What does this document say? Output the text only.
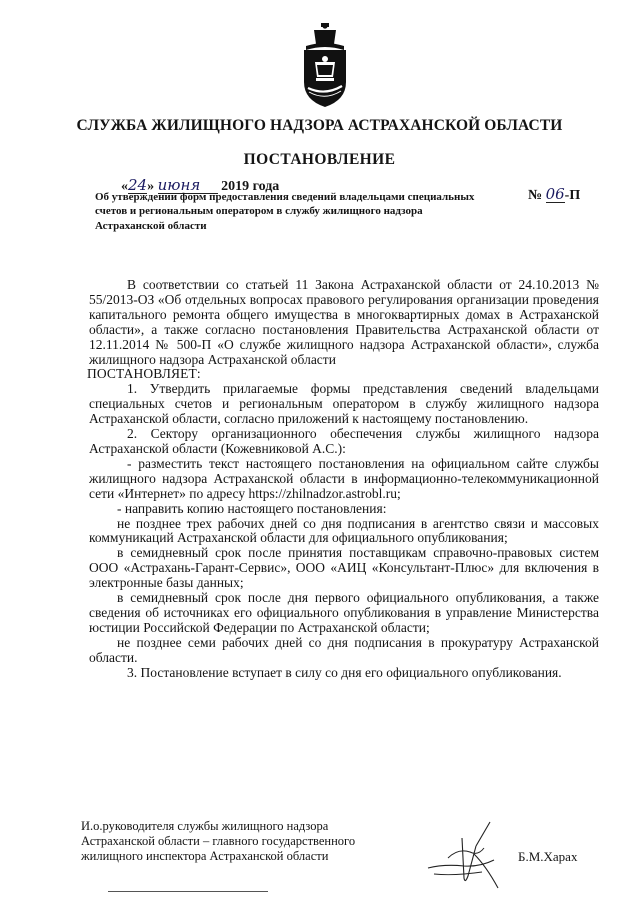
СЛУЖБА ЖИЛИЩНОГО НАДЗОРА АСТРАХАНСКОЙ ОБЛАСТИ
ПОСТАНОВЛЕНИЕ
«24» июня 2019 года
№ 06-П

Об утверждении форм предоставления сведений владельцами специальных счетов и региональным оператором в службу жилищного надзора Астраханской области

В соответствии со статьей 11 Закона Астраханской области от 24.10.2013 № 55/2013-ОЗ «Об отдельных вопросах правового регулирования организации проведения капитального ремонта общего имущества в многоквартирных домах в Астраханской области», а также согласно постановления Правительства Астраханской области от 12.11.2014 № 500-П «О службе жилищного надзора Астраханской области», служба жилищного надзора Астраханской области

ПОСТАНОВЛЯЕТ:

1. Утвердить прилагаемые формы представления сведений владельцами специальных счетов и региональным оператором в службу жилищного надзора Астраханской области, согласно приложений к настоящему постановлению.

2. Сектору организационного обеспечения службы жилищного надзора Астраханской области (Кожевниковой А.С.):

- разместить текст настоящего постановления на официальном сайте службы жилищного надзора Астраханской области в информационно-телекоммуникационной сети «Интернет» по адресу https://zhilnadzor.astrobl.ru;

- направить копию настоящего постановления:

не позднее трех рабочих дней со дня подписания в агентство связи и массовых коммуникаций Астраханской области для официального опубликования;

в семидневный срок после принятия поставщикам справочно-правовых систем ООО «Астрахань-Гарант-Сервис», ООО «АИЦ «Консультант-Плюс» для включения в электронные базы данных;

в семидневный срок после дня первого официального опубликования, а также сведения об источниках его официального опубликования в управление Министерства юстиции Российской Федерации по Астраханской области;

не позднее семи рабочих дней со дня подписания в прокуратуру Астраханской области.

3. Постановление вступает в силу со дня его официального опубликования.

И.о.руководителя службы жилищного надзора

Астраханской области – главного государственного

жилищного инспектора Астраханской области	Б.М.Харах
